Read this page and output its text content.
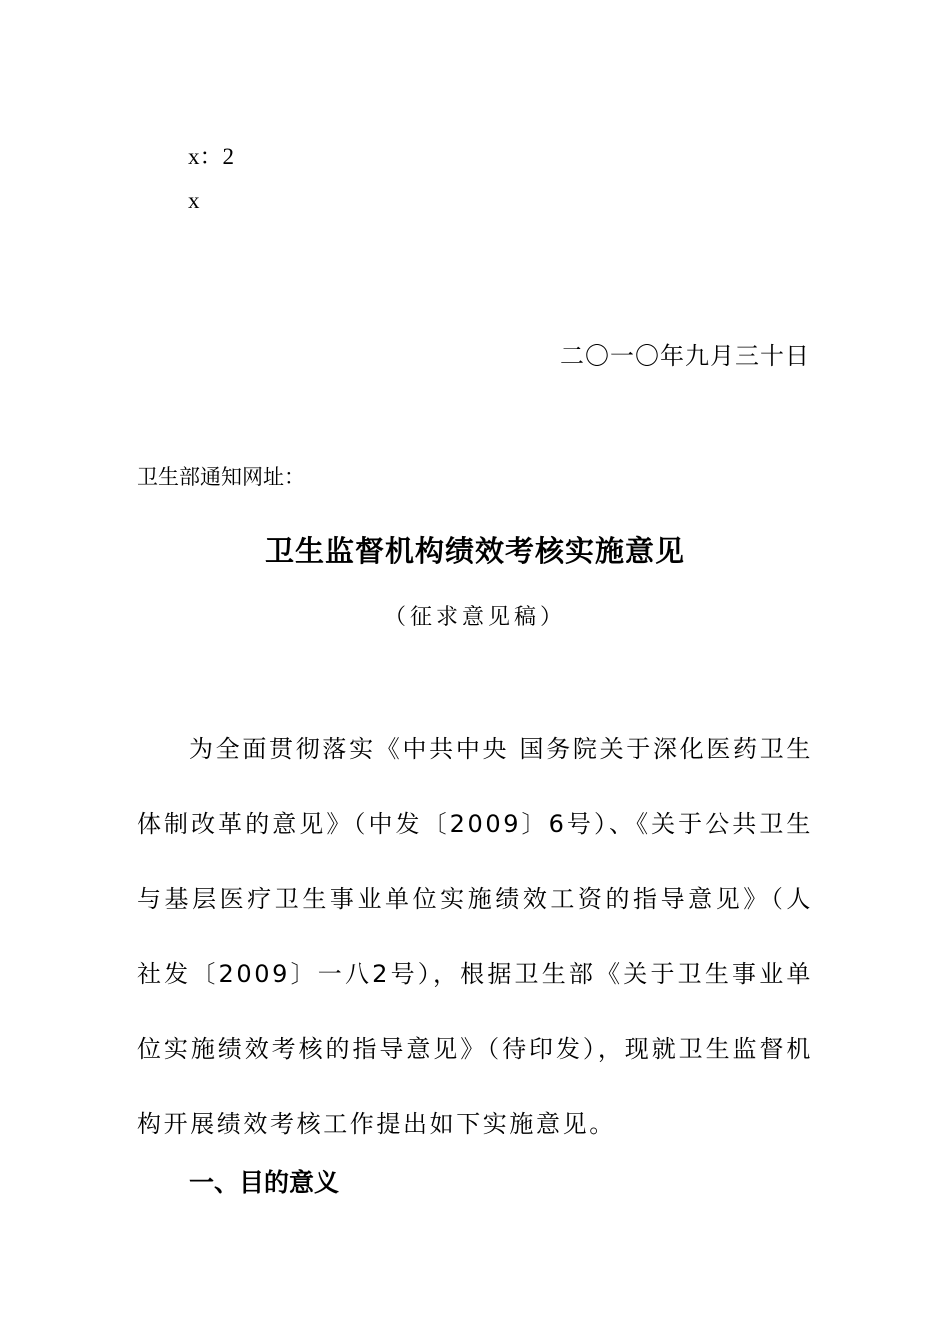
x：2
x
二〇一〇年九月三十日
卫生部通知网址：
卫生监督机构绩效考核实施意见
（征求意见稿）

为全面贯彻落实《中共中央 国务院关于深化医药卫生体制改革的意见》（中发〔2009〕6号）、《关于公共卫生与基层医疗卫生事业单位实施绩效工资的指导意见》（人社发〔2009〕一八2号），根据卫生部《关于卫生事业单位实施绩效考核的指导意见》（待印发），现就卫生监督机构开展绩效考核工作提出如下实施意见。

一、目的意义
